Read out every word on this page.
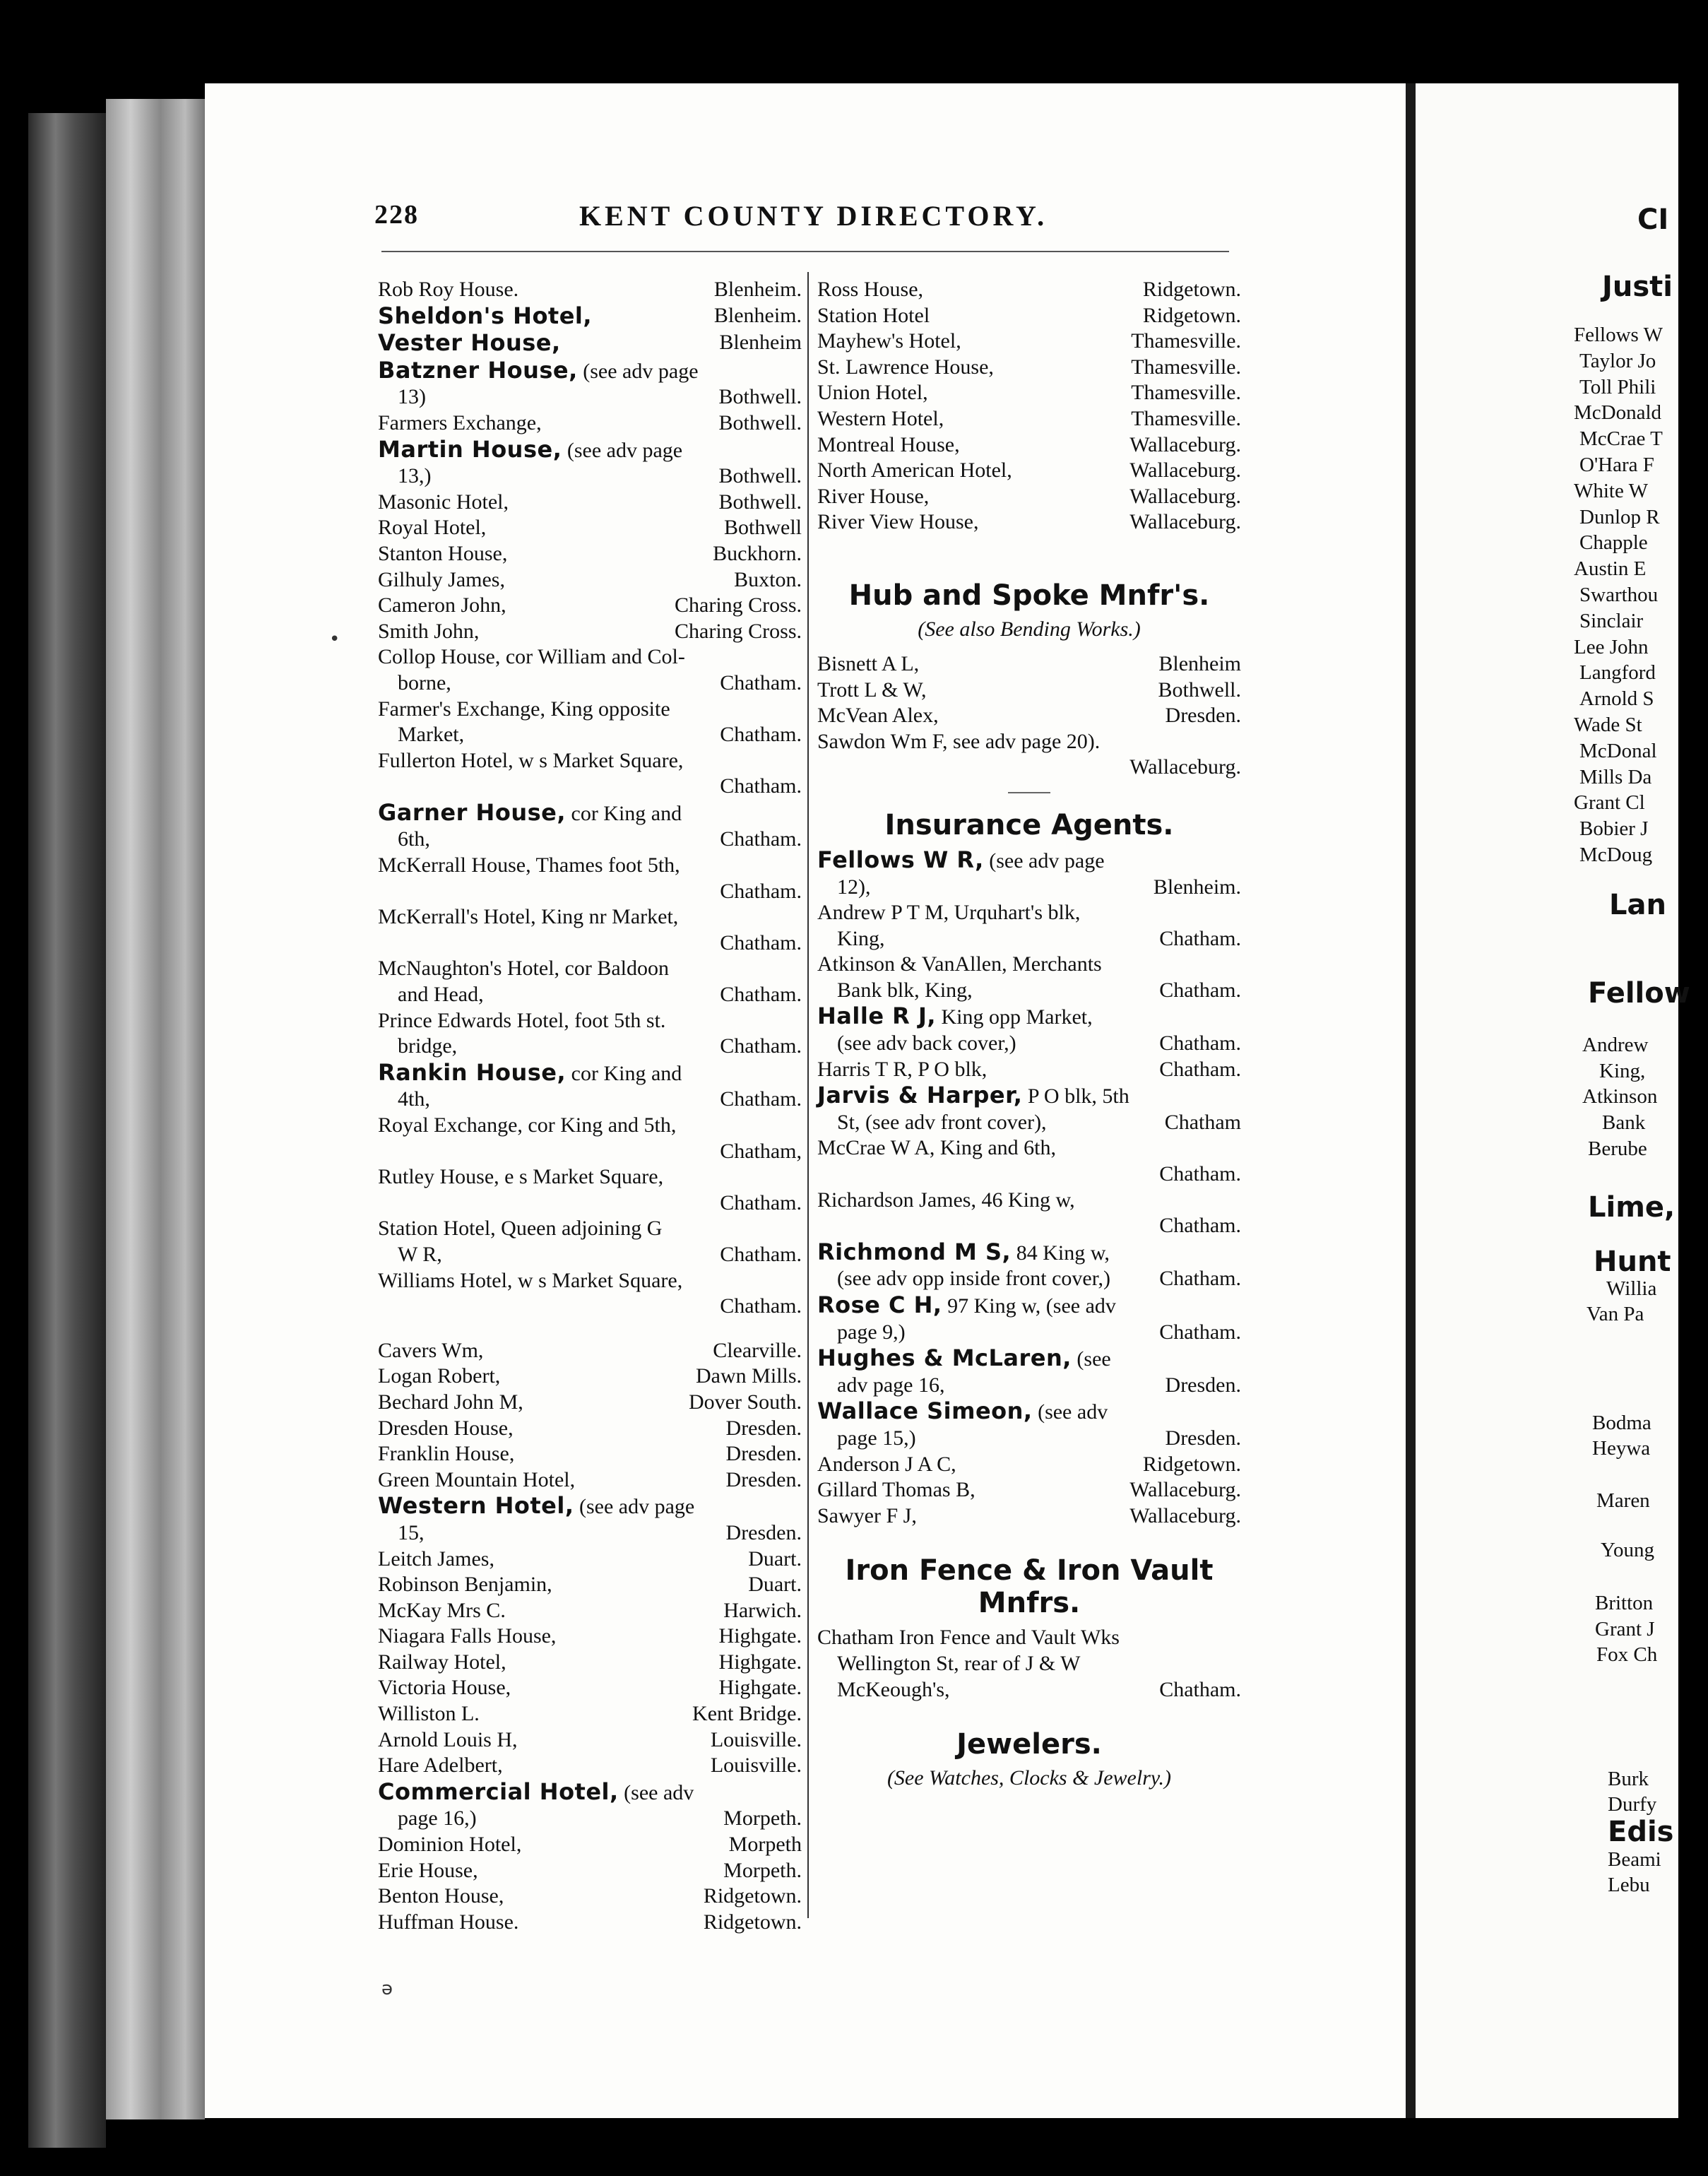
CI
Justi
Fellows W
Taylor Jo
Toll Phili
McDonald
McCrae T
O'Hara F
White W
Dunlop R
Chapple
Austin E
Swarthou
Sinclair
Lee John
Langford
Arnold S
Wade St
McDonal
Mills Da
Grant Cl
Bobier J
McDoug
Lan
Fellow
Andrew
King,
Atkinson
Bank
Berube
Lime,
Hunt
Willia
Van Pa
Bodma
Heywa
Maren
Young
Britton
Grant J
Fox Ch
Burk
Durfy
Edis
Beami
Lebu
228	KENT COUNTY DIRECTORY.
Rob Roy House.	Blenheim.
Sheldon's Hotel,	Blenheim.
Vester House,	Blenheim
Batzner House, (see adv page
13)	Bothwell.
Farmers Exchange,	Bothwell.
Martin House, (see adv page
13,)	Bothwell.
Masonic Hotel,	Bothwell.
Royal Hotel,	Bothwell
Stanton House,	Buckhorn.
Gilhuly James,	Buxton.
Cameron John,	Charing Cross.
Smith John,	Charing Cross.
Collop House, cor William and Col-
borne,	Chatham.
Farmer's Exchange, King opposite
Market,	Chatham.
Fullerton Hotel, w s Market Square,
Chatham.
Garner House, cor King and
6th,	Chatham.
McKerrall House, Thames foot 5th,
Chatham.
McKerrall's Hotel, King nr Market,
Chatham.
McNaughton's Hotel, cor Baldoon
and Head,	Chatham.
Prince Edwards Hotel, foot 5th st.
bridge,	Chatham.
Rankin House, cor King and
4th,	Chatham.
Royal Exchange, cor King and 5th,
Chatham,
Rutley House, e s Market Square,
Chatham.
Station Hotel, Queen adjoining G
W R,	Chatham.
Williams Hotel, w s Market Square,
Chatham.
Cavers Wm,	Clearville.
Logan Robert,	Dawn Mills.
Bechard John M,	Dover South.
Dresden House,	Dresden.
Franklin House,	Dresden.
Green Mountain Hotel,	Dresden.
Western Hotel, (see adv page
15,	Dresden.
Leitch James,	Duart.
Robinson Benjamin,	Duart.
McKay Mrs C.	Harwich.
Niagara Falls House,	Highgate.
Railway Hotel,	Highgate.
Victoria House,	Highgate.
Williston L.	Kent Bridge.
Arnold Louis H,	Louisville.
Hare Adelbert,	Louisville.
Commercial Hotel, (see adv
page 16,)	Morpeth.
Dominion Hotel,	Morpeth
Erie House,	Morpeth.
Benton House,	Ridgetown.
Huffman House.	Ridgetown.
Ross House,	Ridgetown.
Station Hotel	Ridgetown.
Mayhew's Hotel,	Thamesville.
St. Lawrence House,	Thamesville.
Union Hotel,	Thamesville.
Western Hotel,	Thamesville.
Montreal House,	Wallaceburg.
North American Hotel,	Wallaceburg.
River House,	Wallaceburg.
River View House,	Wallaceburg.
Hub and Spoke Mnfr's.
(See also Bending Works.)
Bisnett A L,	Blenheim
Trott L & W,	Bothwell.
McVean Alex,	Dresden.
Sawdon Wm F, see adv page 20).
Wallaceburg.
Insurance Agents.
Fellows W R, (see adv page
12),	Blenheim.
Andrew P T M, Urquhart's blk,
King,	Chatham.
Atkinson & VanAllen, Merchants
Bank blk, King,	Chatham.
Halle R J, King opp Market,
(see adv back cover,)	Chatham.
Harris T R, P O blk,	Chatham.
Jarvis & Harper, P O blk, 5th
St, (see adv front cover),	Chatham
McCrae W A, King and 6th,
Chatham.
Richardson James, 46 King w,
Chatham.
Richmond M S, 84 King w,
(see adv opp inside front cover,) Chatham.
Rose C H, 97 King w, (see adv
page 9,)	Chatham.
Hughes & McLaren, (see
adv page 16,	Dresden.
Wallace Simeon, (see adv
page 15,)	Dresden.
Anderson J A C,	Ridgetown.
Gillard Thomas B,	Wallaceburg.
Sawyer F J,	Wallaceburg.
Iron Fence & Iron Vault
Mnfrs.
Chatham Iron Fence and Vault Wks
Wellington St, rear of J & W
McKeough's,	Chatham.
Jewelers.
(See Watches, Clocks & Jewelry.)
•
ə
